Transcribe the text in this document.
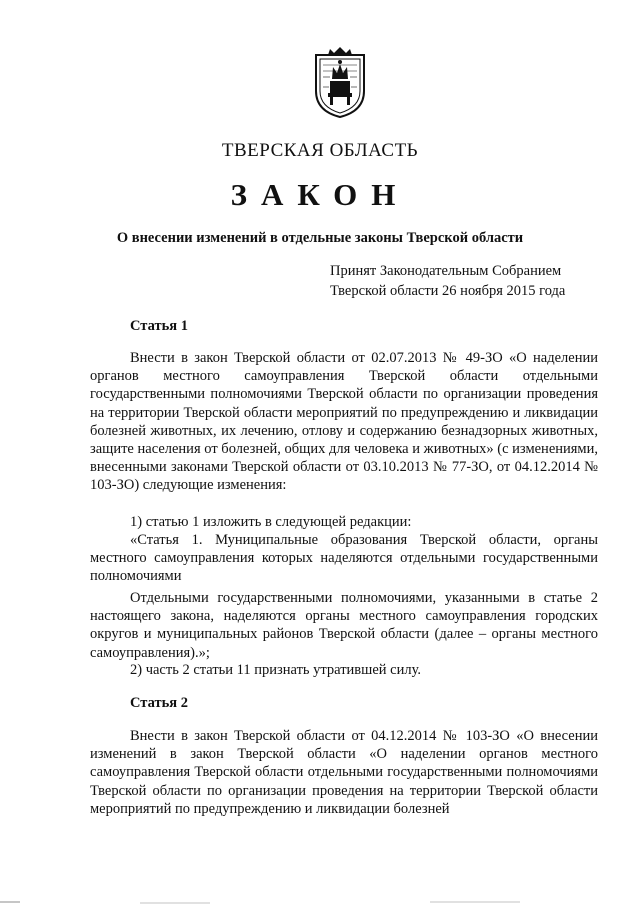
ТВЕРСКАЯ ОБЛАСТЬ
ЗАКОН
О внесении изменений в отдельные законы Тверской области
Принят Законодательным Собранием
Тверской области 26 ноября 2015 года
Статья 1

Внести в закон Тверской области от 02.07.2013 № 49-ЗО «О наделении органов местного самоуправления Тверской области отдельными государственными полномочиями Тверской области по организации проведения на территории Тверской области мероприятий по предупреждению и ликвидации болезней животных, их лечению, отлову и содержанию безнадзорных животных, защите населения от болезней, общих для человека и животных» (с изменениями, внесенными законами Тверской области от 03.10.2013 № 77-ЗО, от 04.12.2014 № 103-ЗО) следующие изменения:

1) статью 1 изложить в следующей редакции:

«Статья 1. Муниципальные образования Тверской области, органы местного самоуправления которых наделяются отдельными государственными полномочиями

Отдельными государственными полномочиями, указанными в статье 2 настоящего закона, наделяются органы местного самоуправления городских округов и муниципальных районов Тверской области (далее – органы местного самоуправления).»;

2) часть 2 статьи 11 признать утратившей силу.

Статья 2

Внести в закон Тверской области от 04.12.2014 № 103-ЗО «О внесении изменений в закон Тверской области «О наделении органов местного самоуправления Тверской области отдельными государственными полномочиями Тверской области по организации проведения на территории Тверской области мероприятий по предупреждению и ликвидации болезней
